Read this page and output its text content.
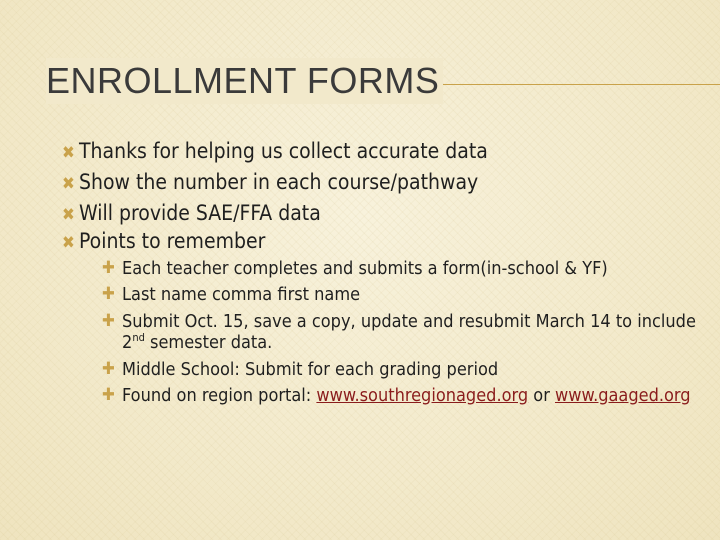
ENROLLMENT FORMS
✖ Thanks for helping us collect accurate data
✖ Show the number in each course/pathway
✖ Will provide SAE/FFA data
✖ Points to remember
✚ Each teacher completes and submits a form(in-school & YF)
✚ Last name comma first name
✚ Submit Oct. 15, save a copy, update and resubmit March 14 to include 2nd semester data.
✚ Middle School: Submit for each grading period
✚ Found on region portal: www.southregionaged.org or www.gaaged.org
